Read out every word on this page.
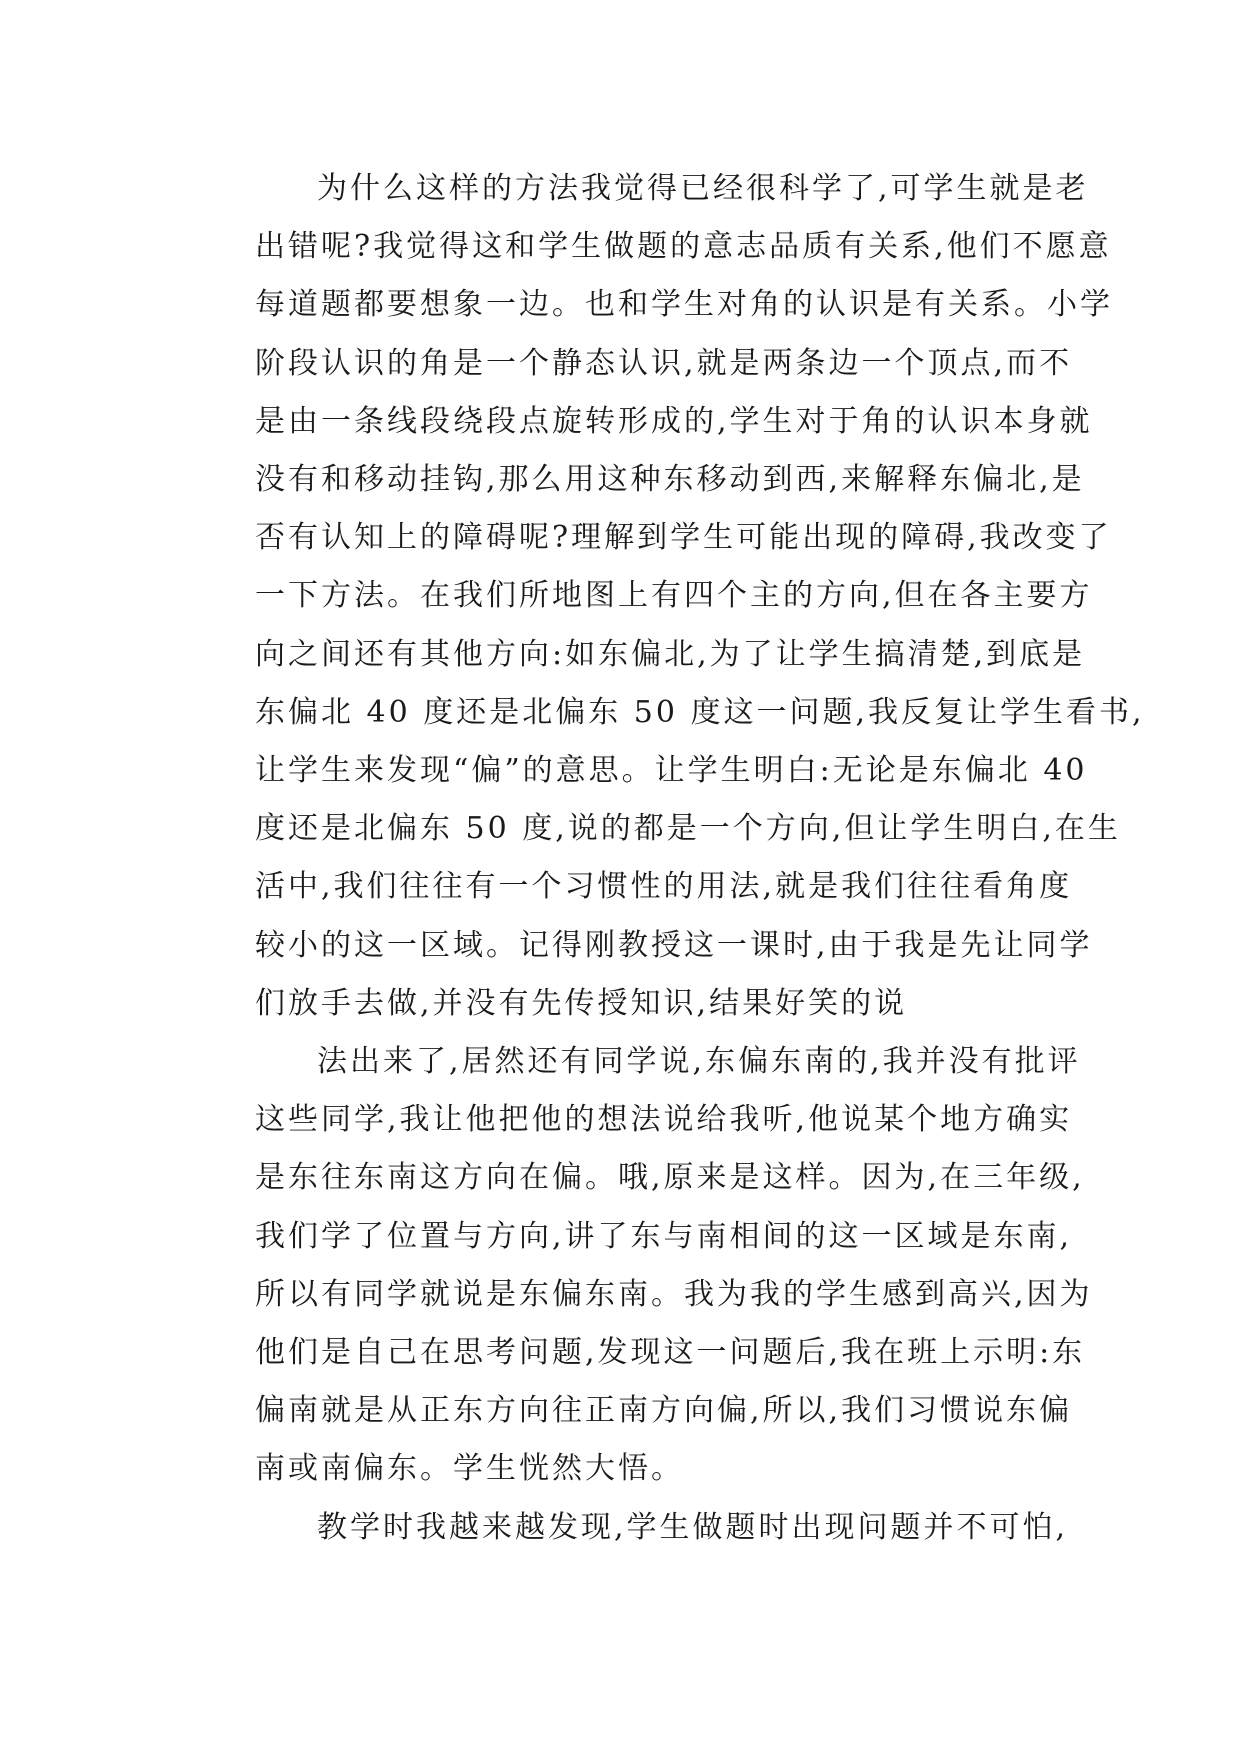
为什么这样的方法我觉得已经很科学了,可学生就是老
出错呢?我觉得这和学生做题的意志品质有关系,他们不愿意
每道题都要想象一边。也和学生对角的认识是有关系。小学
阶段认识的角是一个静态认识,就是两条边一个顶点,而不
是由一条线段绕段点旋转形成的,学生对于角的认识本身就
没有和移动挂钩,那么用这种东移动到西,来解释东偏北,是
否有认知上的障碍呢?理解到学生可能出现的障碍,我改变了
一下方法。在我们所地图上有四个主的方向,但在各主要方
向之间还有其他方向:如东偏北,为了让学生搞清楚,到底是
东偏北 40 度还是北偏东 50 度这一问题,我反复让学生看书,
让学生来发现“偏”的意思。让学生明白:无论是东偏北 40
度还是北偏东 50 度,说的都是一个方向,但让学生明白,在生
活中,我们往往有一个习惯性的用法,就是我们往往看角度
较小的这一区域。记得刚教授这一课时,由于我是先让同学
们放手去做,并没有先传授知识,结果好笑的说
法出来了,居然还有同学说,东偏东南的,我并没有批评
这些同学,我让他把他的想法说给我听,他说某个地方确实
是东往东南这方向在偏。哦,原来是这样。因为,在三年级,
我们学了位置与方向,讲了东与南相间的这一区域是东南,
所以有同学就说是东偏东南。我为我的学生感到高兴,因为
他们是自己在思考问题,发现这一问题后,我在班上示明:东
偏南就是从正东方向往正南方向偏,所以,我们习惯说东偏
南或南偏东。学生恍然大悟。
教学时我越来越发现,学生做题时出现问题并不可怕,
